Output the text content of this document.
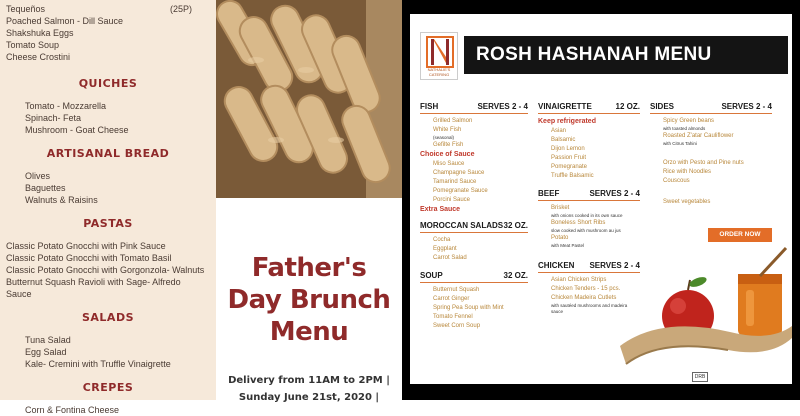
Tequeños	(25P)
Poached Salmon - Dill Sauce
Shakshuka Eggs
Tomato Soup
Cheese Crostini
QUICHES
Tomato - Mozzarella
Spinach- Feta
Mushroom - Goat Cheese
ARTISANAL BREAD
Olives
Baguettes
Walnuts & Raisins
PASTAS
Classic Potato Gnocchi with Pink Sauce
Classic Potato Gnocchi with Tomato Basil
Classic Potato Gnocchi with Gorgonzola- Walnuts
Butternut Squash Ravioli with Sage- Alfredo
Sauce
SALADS
Tuna Salad
Egg Salad
Kale- Cremini with Truffle Vinaigrette
CREPES
Corn & Fontina Cheese
Father's
Day Brunch
Menu
Delivery from 11AM to 2PM |
Sunday June 21st, 2020 |
NATHALIE'S CATERING
ROSH HASHANAH MENU
FISH	SERVES 2 - 4
Grilled Salmon
White Fish
(seasonal)
Gefilte Fish
Choice of Sauce
Miso Sauce
Champagne Sauce
Tamarind Sauce
Pomegranate Sauce
Porcini Sauce
Extra Sauce
MOROCCAN SALADS 32 OZ.
Cocha
Eggplant
Carrot Salad
SOUP	32 OZ.
Butternut Squash
Carrot Ginger
Spring Pea Soup with Mint
Tomato Fennel
Sweet Corn Soup
VINAIGRETTE	12 OZ.
Keep refrigerated
Asian
Balsamic
Dijon Lemon
Passion Fruit
Pomegranate
Truffle Balsamic
BEEF	SERVES 2 - 4
Brisket
with onions cooked in its own sauce
Boneless Short Ribs
slow cooked with mushroom au jus
Potato
with Meat Pastel
CHICKEN SERVES 2 - 4
Asian Chicken Strips
Chicken Tenders - 15 pcs.
Chicken Madeira Cutlets
with sautéed mushrooms and madeira sauce
SIDES	SERVES 2 - 4
Spicy Green beans
with toasted almonds
Roasted Z'atar Cauliflower
with Citrus Tahini
Orzo with Pesto and Pine nuts
Rice with Noodles
Couscous
Sweet vegetables
ORDER NOW
DRB
